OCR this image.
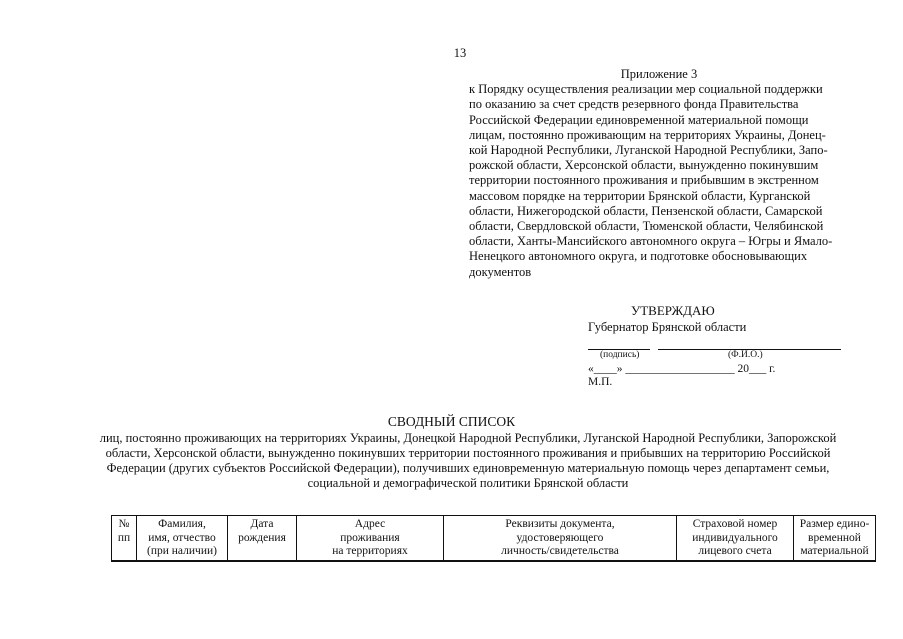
13
Приложение 3
к Порядку осуществления реализации мер социальной поддержки
по оказанию за счет средств резервного фонда Правительства
Российской Федерации единовременной материальной помощи
лицам, постоянно проживающим на территориях Украины, Донец-
кой Народной Республики, Луганской Народной Республики, Запо-
рожской области, Херсонской области, вынужденно покинувшим
территории постоянного проживания и прибывшим в экстренном
массовом порядке на территории Брянской области, Курганской
области, Нижегородской области, Пензенской области, Самарской
области, Свердловской области, Тюменской области, Челябинской
области, Ханты-Мансийского автономного округа – Югры и Ямало-
Ненецкого автономного округа, и подготовке обосновывающих
документов
УТВЕРЖДАЮ
Губернатор Брянской области
(подпись)	(Ф.И.О.)
«____» ___________________ 20___ г.
М.П.
СВОДНЫЙ СПИСОК
лиц, постоянно проживающих на территориях Украины, Донецкой Народной Республики, Луганской Народной Республики, Запорожской
области, Херсонской области, вынужденно покинувших территории постоянного проживания и прибывших на территорию Российской
Федерации (других субъектов Российской Федерации), получивших единовременную материальную помощь через департамент семьи,
социальной и демографической политики Брянской области
№
пп

Фамилия,
имя, отчество
(при наличии)

Дата
рождения

Адрес
проживания
на территориях

Реквизиты документа,
удостоверяющего
личность/свидетельства

Страховой номер
индивидуального
лицевого счета

Размер едино-
временной
материальной
